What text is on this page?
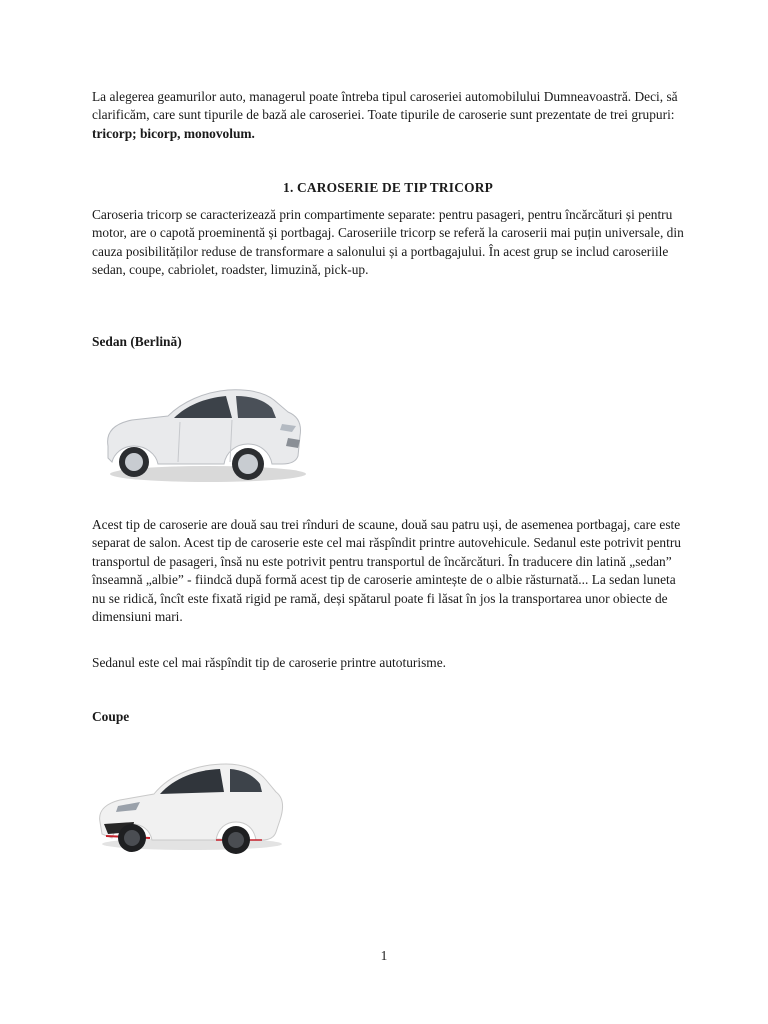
La alegerea geamurilor auto, managerul poate întreba tipul caroseriei automobilului Dumneavoastră. Deci, să clarificăm, care sunt tipurile de bază ale caroseriei. Toate tipurile de caroserie sunt prezentate de trei grupuri: tricorp; bicorp, monovolum.

1. CAROSERIE DE TIP TRICORP

Caroseria tricorp se caracterizează prin compartimente separate: pentru pasageri, pentru încărcături și pentru motor, are o capotă proeminentă și portbagaj. Caroseriile tricorp se referă la caroserii mai puțin universale, din cauza posibilităților reduse de transformare a salonului și a portbagajului. În acest grup se includ caroseriile sedan, coupe, cabriolet, roadster, limuzină, pick-up.

Sedan (Berlină)

Acest tip de caroserie are două sau trei rînduri de scaune, două sau patru uși, de asemenea portbagaj, care este separat de salon. Acest tip de caroserie este cel mai răspîndit printre autovehicule. Sedanul este potrivit pentru transportul de pasageri, însă nu este potrivit pentru transportul de încărcături. În traducere din latină „sedan” înseamnă „albie” - fiindcă după formă acest tip de caroserie amintește de o albie răsturnată... La sedan luneta nu se ridică, încît este fixată rigid pe ramă, deși spătarul poate fi lăsat în jos la transportarea unor obiecte de dimensiuni mari.

Sedanul este cel mai răspîndit tip de caroserie printre autoturisme.

Coupe

1
